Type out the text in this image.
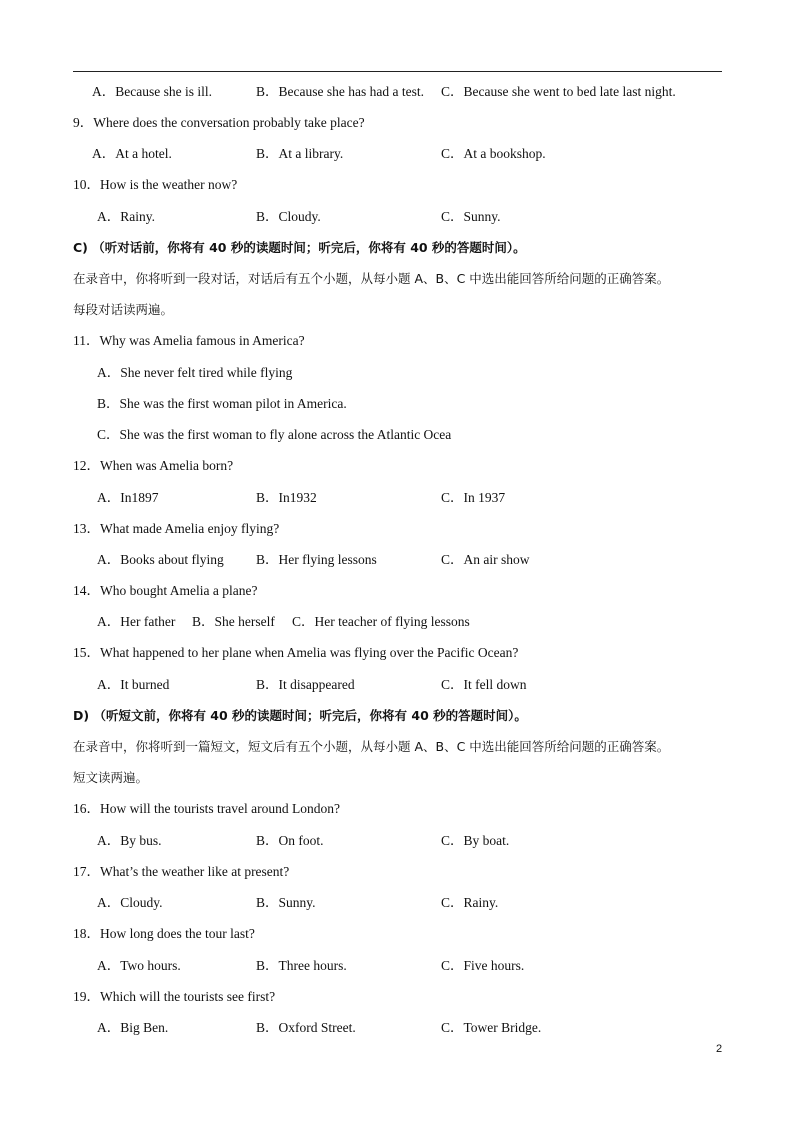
A．Because she is ill.	B．Because she has had a test. C．Because she went to bed late last night.
9．Where does the conversation probably take place?
A．At a hotel.	B．At a library.	C．At a bookshop.
10．How is the weather now?
A．Rainy.	B．Cloudy.	C．Sunny.
C) （听对话前，你将有 40 秒的读题时间；听完后，你将有 40 秒的答题时间）。
在录音中，你将听到一段对话，对话后有五个小题，从每小题 A、B、C 中选出能回答所给问题的正确答案。
每段对话读两遍。
11．Why was Amelia famous in America?
A．She never felt tired while flying
B．She was the first woman pilot in America.
C．She was the first woman to fly alone across the Atlantic Ocea
12．When was Amelia born?
A．In1897	B．In1932	C．In 1937
13．What made Amelia enjoy flying?
A．Books about flying B．Her flying lessons	C．An air show
14．Who bought Amelia a plane?
A．Her father B．She herself C．Her teacher of flying lessons
15．What happened to her plane when Amelia was flying over the Pacific Ocean?
A．It burned	B．It disappeared	C．It fell down
D) （听短文前，你将有 40 秒的读题时间；听完后，你将有 40 秒的答题时间）。
在录音中，你将听到一篇短文，短文后有五个小题，从每小题 A、B、C 中选出能回答所给问题的正确答案。
短文读两遍。
16．How will the tourists travel around London?
A．By bus.	B．On foot.	C．By boat.
17．What’s the weather like at present?
A．Cloudy.	B．Sunny.	C．Rainy.
18．How long does the tour last?
A．Two hours.	B．Three hours.	C．Five hours.
19．Which will the tourists see first?
A．Big Ben.	B．Oxford Street.	C．Tower Bridge.
2
